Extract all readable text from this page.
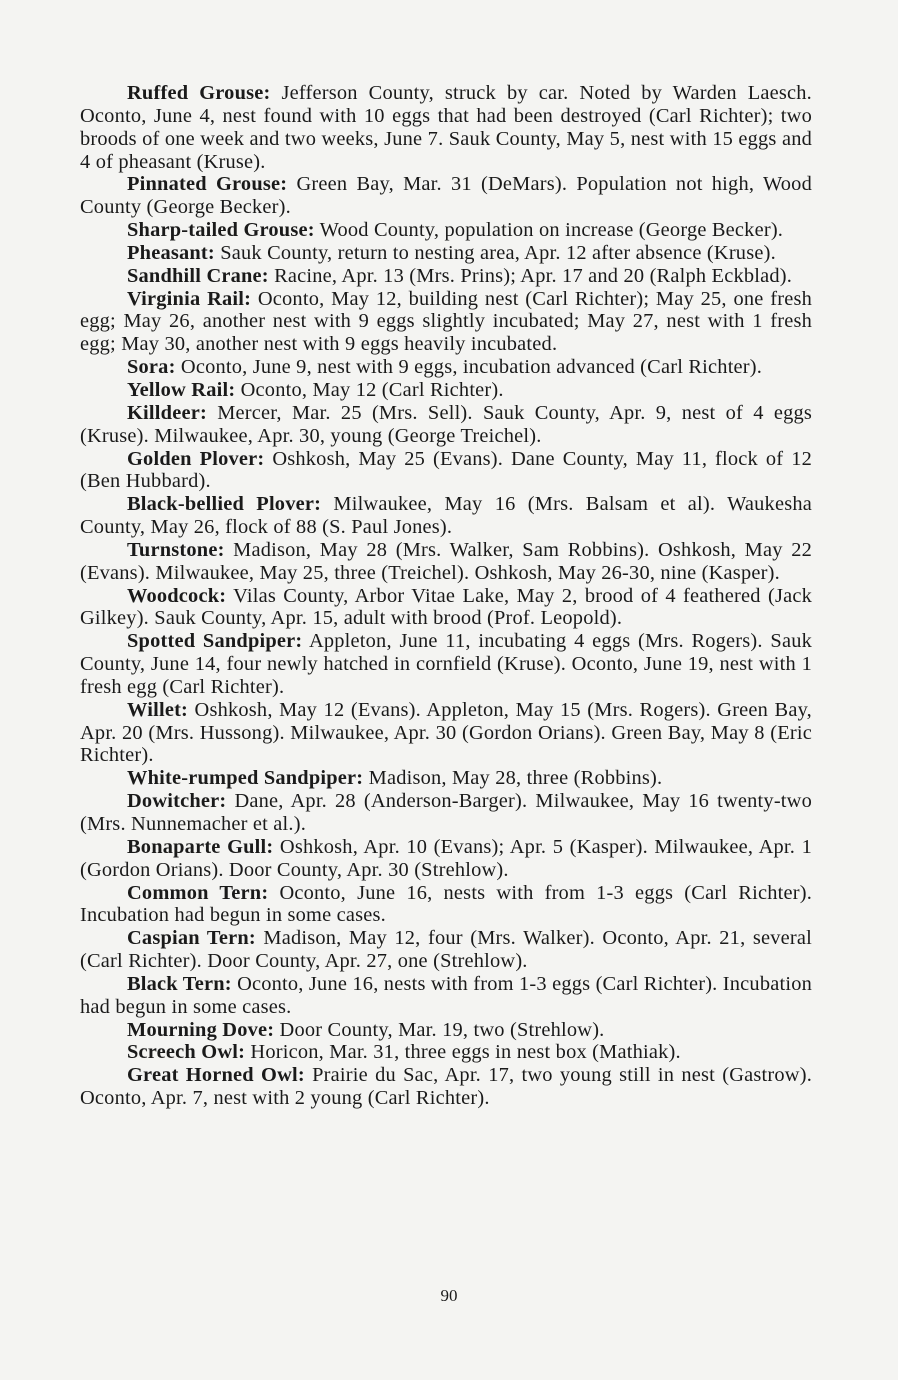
Ruffed Grouse: Jefferson County, struck by car. Noted by Warden Laesch. Oconto, June 4, nest found with 10 eggs that had been destroyed (Carl Richter); two broods of one week and two weeks, June 7. Sauk County, May 5, nest with 15 eggs and 4 of pheasant (Kruse).

Pinnated Grouse: Green Bay, Mar. 31 (DeMars). Population not high, Wood County (George Becker).

Sharp-tailed Grouse: Wood County, population on increase (George Becker).

Pheasant: Sauk County, return to nesting area, Apr. 12 after absence (Kruse).

Sandhill Crane: Racine, Apr. 13 (Mrs. Prins); Apr. 17 and 20 (Ralph Eckblad).

Virginia Rail: Oconto, May 12, building nest (Carl Richter); May 25, one fresh egg; May 26, another nest with 9 eggs slightly incubated; May 27, nest with 1 fresh egg; May 30, another nest with 9 eggs heavily incubated.

Sora: Oconto, June 9, nest with 9 eggs, incubation advanced (Carl Richter).

Yellow Rail: Oconto, May 12 (Carl Richter).

Killdeer: Mercer, Mar. 25 (Mrs. Sell). Sauk County, Apr. 9, nest of 4 eggs (Kruse). Milwaukee, Apr. 30, young (George Treichel).

Golden Plover: Oshkosh, May 25 (Evans). Dane County, May 11, flock of 12 (Ben Hubbard).

Black-bellied Plover: Milwaukee, May 16 (Mrs. Balsam et al). Waukesha County, May 26, flock of 88 (S. Paul Jones).

Turnstone: Madison, May 28 (Mrs. Walker, Sam Robbins). Oshkosh, May 22 (Evans). Milwaukee, May 25, three (Treichel). Oshkosh, May 26-30, nine (Kasper).

Woodcock: Vilas County, Arbor Vitae Lake, May 2, brood of 4 feathered (Jack Gilkey). Sauk County, Apr. 15, adult with brood (Prof. Leopold).

Spotted Sandpiper: Appleton, June 11, incubating 4 eggs (Mrs. Rogers). Sauk County, June 14, four newly hatched in cornfield (Kruse). Oconto, June 19, nest with 1 fresh egg (Carl Richter).

Willet: Oshkosh, May 12 (Evans). Appleton, May 15 (Mrs. Rogers). Green Bay, Apr. 20 (Mrs. Hussong). Milwaukee, Apr. 30 (Gordon Orians). Green Bay, May 8 (Eric Richter).

White-rumped Sandpiper: Madison, May 28, three (Robbins).

Dowitcher: Dane, Apr. 28 (Anderson-Barger). Milwaukee, May 16 twenty-two (Mrs. Nunnemacher et al.).

Bonaparte Gull: Oshkosh, Apr. 10 (Evans); Apr. 5 (Kasper). Milwaukee, Apr. 1 (Gordon Orians). Door County, Apr. 30 (Strehlow).

Common Tern: Oconto, June 16, nests with from 1-3 eggs (Carl Richter). Incubation had begun in some cases.

Caspian Tern: Madison, May 12, four (Mrs. Walker). Oconto, Apr. 21, several (Carl Richter). Door County, Apr. 27, one (Strehlow).

Black Tern: Oconto, June 16, nests with from 1-3 eggs (Carl Richter). Incubation had begun in some cases.

Mourning Dove: Door County, Mar. 19, two (Strehlow).

Screech Owl: Horicon, Mar. 31, three eggs in nest box (Mathiak).

Great Horned Owl: Prairie du Sac, Apr. 17, two young still in nest (Gastrow). Oconto, Apr. 7, nest with 2 young (Carl Richter).

90
